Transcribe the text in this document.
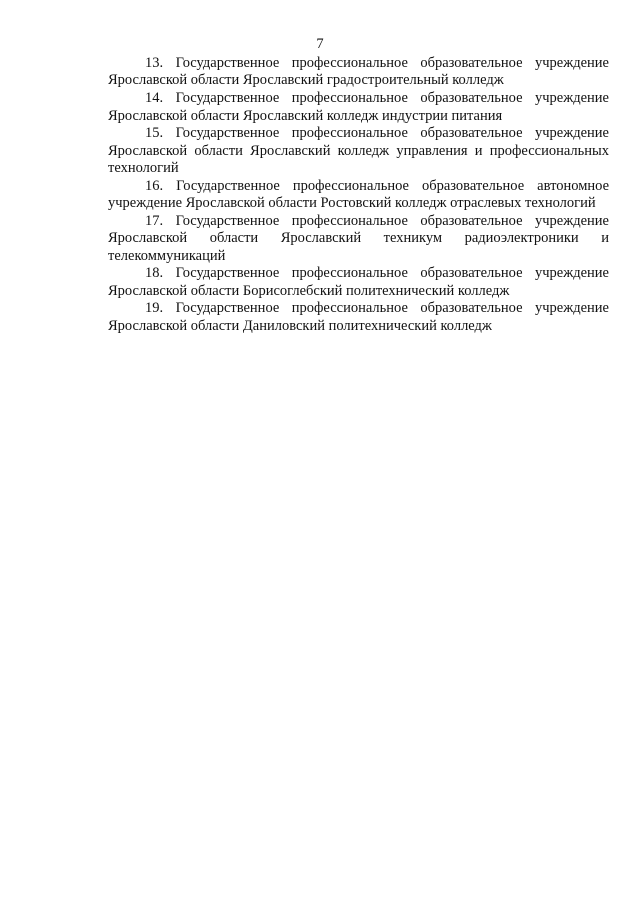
7
13. Государственное профессиональное образовательное учреждение Ярославской области Ярославский градостроительный колледж
14. Государственное профессиональное образовательное учреждение Ярославской области Ярославский колледж индустрии питания
15. Государственное профессиональное образовательное учреждение Ярославской области Ярославский колледж управления и профессиональных технологий
16. Государственное профессиональное образовательное автономное учреждение Ярославской области Ростовский колледж отраслевых технологий
17. Государственное профессиональное образовательное учреждение Ярославской области Ярославский техникум радиоэлектроники и телекоммуникаций
18. Государственное профессиональное образовательное учреждение Ярославской области Борисоглебский политехнический колледж
19. Государственное профессиональное образовательное учреждение Ярославской области Даниловский политехнический колледж
